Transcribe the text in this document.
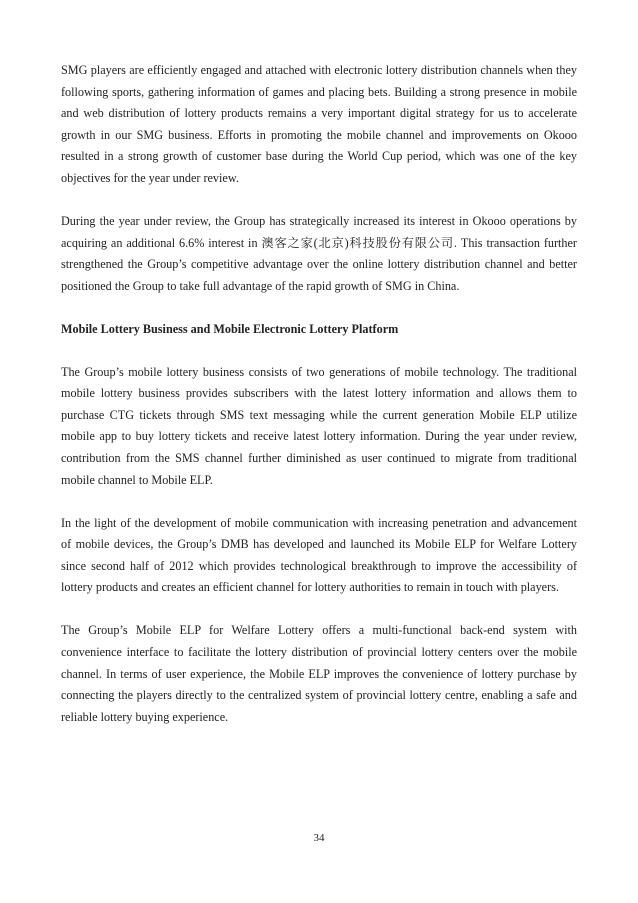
SMG players are efficiently engaged and attached with electronic lottery distribution channels when they following sports, gathering information of games and placing bets. Building a strong presence in mobile and web distribution of lottery products remains a very important digital strategy for us to accelerate growth in our SMG business. Efforts in promoting the mobile channel and improvements on Okooo resulted in a strong growth of customer base during the World Cup period, which was one of the key objectives for the year under review.

During the year under review, the Group has strategically increased its interest in Okooo operations by acquiring an additional 6.6% interest in 澳客之家(北京)科技股份有限公司. This transaction further strengthened the Group’s competitive advantage over the online lottery distribution channel and better positioned the Group to take full advantage of the rapid growth of SMG in China.

Mobile Lottery Business and Mobile Electronic Lottery Platform

The Group’s mobile lottery business consists of two generations of mobile technology. The traditional mobile lottery business provides subscribers with the latest lottery information and allows them to purchase CTG tickets through SMS text messaging while the current generation Mobile ELP utilize mobile app to buy lottery tickets and receive latest lottery information. During the year under review, contribution from the SMS channel further diminished as user continued to migrate from traditional mobile channel to Mobile ELP.

In the light of the development of mobile communication with increasing penetration and advancement of mobile devices, the Group’s DMB has developed and launched its Mobile ELP for Welfare Lottery since second half of 2012 which provides technological breakthrough to improve the accessibility of lottery products and creates an efficient channel for lottery authorities to remain in touch with players.

The Group’s Mobile ELP for Welfare Lottery offers a multi-functional back-end system with convenience interface to facilitate the lottery distribution of provincial lottery centers over the mobile channel. In terms of user experience, the Mobile ELP improves the convenience of lottery purchase by connecting the players directly to the centralized system of provincial lottery centre, enabling a safe and reliable lottery buying experience.

34
